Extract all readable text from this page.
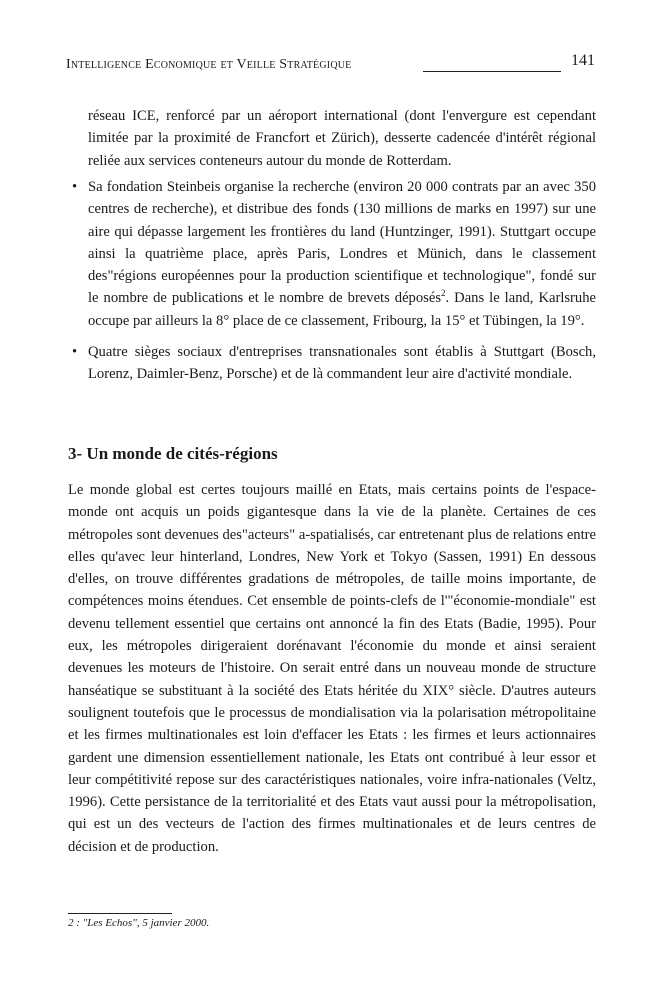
Intelligence Economique et Veille Stratégique	141

réseau ICE, renforcé par un aéroport international (dont l'envergure est cependant limitée par la proximité de Francfort et Zürich), desserte cadencée d'intérêt régional reliée aux services conteneurs autour du monde de Rotterdam.

• Sa fondation Steinbeis organise la recherche (environ 20 000 contrats par an avec 350 centres de recherche), et distribue des fonds (130 millions de marks en 1997) sur une aire qui dépasse largement les frontières du land (Huntzinger, 1991). Stuttgart occupe ainsi la quatrième place, après Paris, Londres et Münich, dans le classement des"régions européennes pour la production scientifique et technologique", fondé sur le nombre de publications et le nombre de brevets déposés$^2$. Dans le land, Karlsruhe occupe par ailleurs la 8° place de ce classement, Fribourg, la 15° et Tübingen, la 19°.
• Quatre sièges sociaux d'entreprises transnationales sont établis à Stuttgart (Bosch, Lorenz, Daimler-Benz, Porsche) et de là commandent leur aire d'activité mondiale.
3- Un monde de cités-régions

Le monde global est certes toujours maillé en Etats, mais certains points de l'espace- monde ont acquis un poids gigantesque dans la vie de la planète. Certaines de ces métropoles sont devenues des"acteurs" a-spatialisés, car entretenant plus de relations entre elles qu'avec leur hinterland, Londres, New York et Tokyo (Sassen, 1991) En dessous d'elles, on trouve différentes gradations de métropoles, de taille moins importante, de compétences moins étendues. Cet ensemble de points-clefs de l'"économie-mondiale" est devenu tellement essentiel que certains ont annoncé la fin des Etats (Badie, 1995). Pour eux, les métropoles dirigeraient dorénavant l'économie du monde et ainsi seraient devenues les moteurs de l'histoire. On serait entré dans un nouveau monde de structure hanséatique se substituant à la société des Etats héritée du XIX° siècle. D'autres auteurs soulignent toutefois que le processus de mondialisation via la polarisation métropolitaine et les firmes multinationales est loin d'effacer les Etats : les firmes et leurs actionnaires gardent une dimension essentiellement nationale, les Etats ont contribué à leur essor et leur compétitivité repose sur des caractéristiques nationales, voire infra-nationales (Veltz, 1996). Cette persistance de la territorialité et des Etats vaut aussi pour la métropolisation, qui est un des vecteurs de l'action des firmes multinationales et de leurs centres de décision et de production.

2 : "Les Echos", 5 janvier 2000.
